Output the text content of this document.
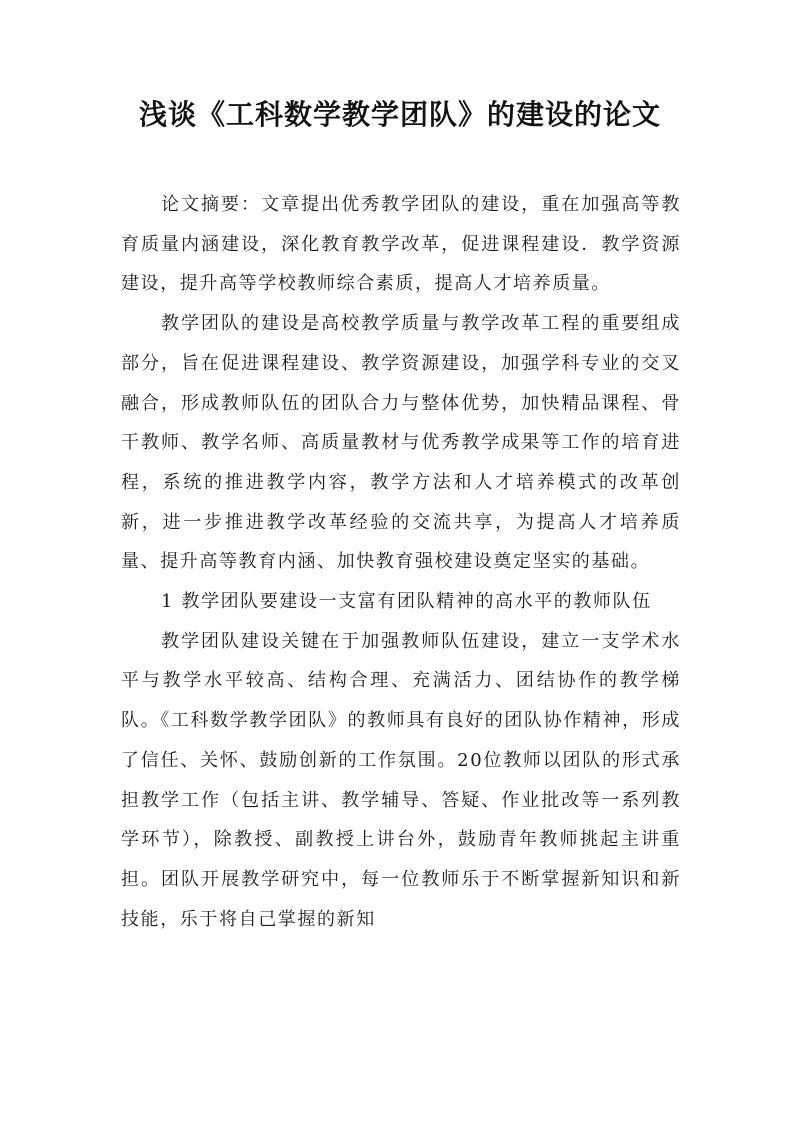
浅谈《工科数学教学团队》的建设的论文

论文摘要：文章提出优秀教学团队的建设，重在加强高等教育质量内涵建设，深化教育教学改革，促进课程建设．教学资源建设，提升高等学校教师综合素质，提高人才培养质量。

教学团队的建设是高校教学质量与教学改革工程的重要组成部分，旨在促进课程建设、教学资源建设，加强学科专业的交叉融合，形成教师队伍的团队合力与整体优势，加快精品课程、骨干教师、教学名师、高质量教材与优秀教学成果等工作的培育进程，系统的推进教学内容，教学方法和人才培养模式的改革创新，进一步推进教学改革经验的交流共享，为提高人才培养质量、提升高等教育内涵、加快教育强校建设奠定坚实的基础。

1 教学团队要建设一支富有团队精神的高水平的教师队伍

教学团队建设关键在于加强教师队伍建设，建立一支学术水平与教学水平较高、结构合理、充满活力、团结协作的教学梯队。《工科数学教学团队》的教师具有良好的团队协作精神，形成了信任、关怀、鼓励创新的工作氛围。20位教师以团队的形式承担教学工作（包括主讲、教学辅导、答疑、作业批改等一系列教学环节），除教授、副教授上讲台外，鼓励青年教师挑起主讲重担。团队开展教学研究中，每一位教师乐于不断掌握新知识和新技能，乐于将自己掌握的新知
